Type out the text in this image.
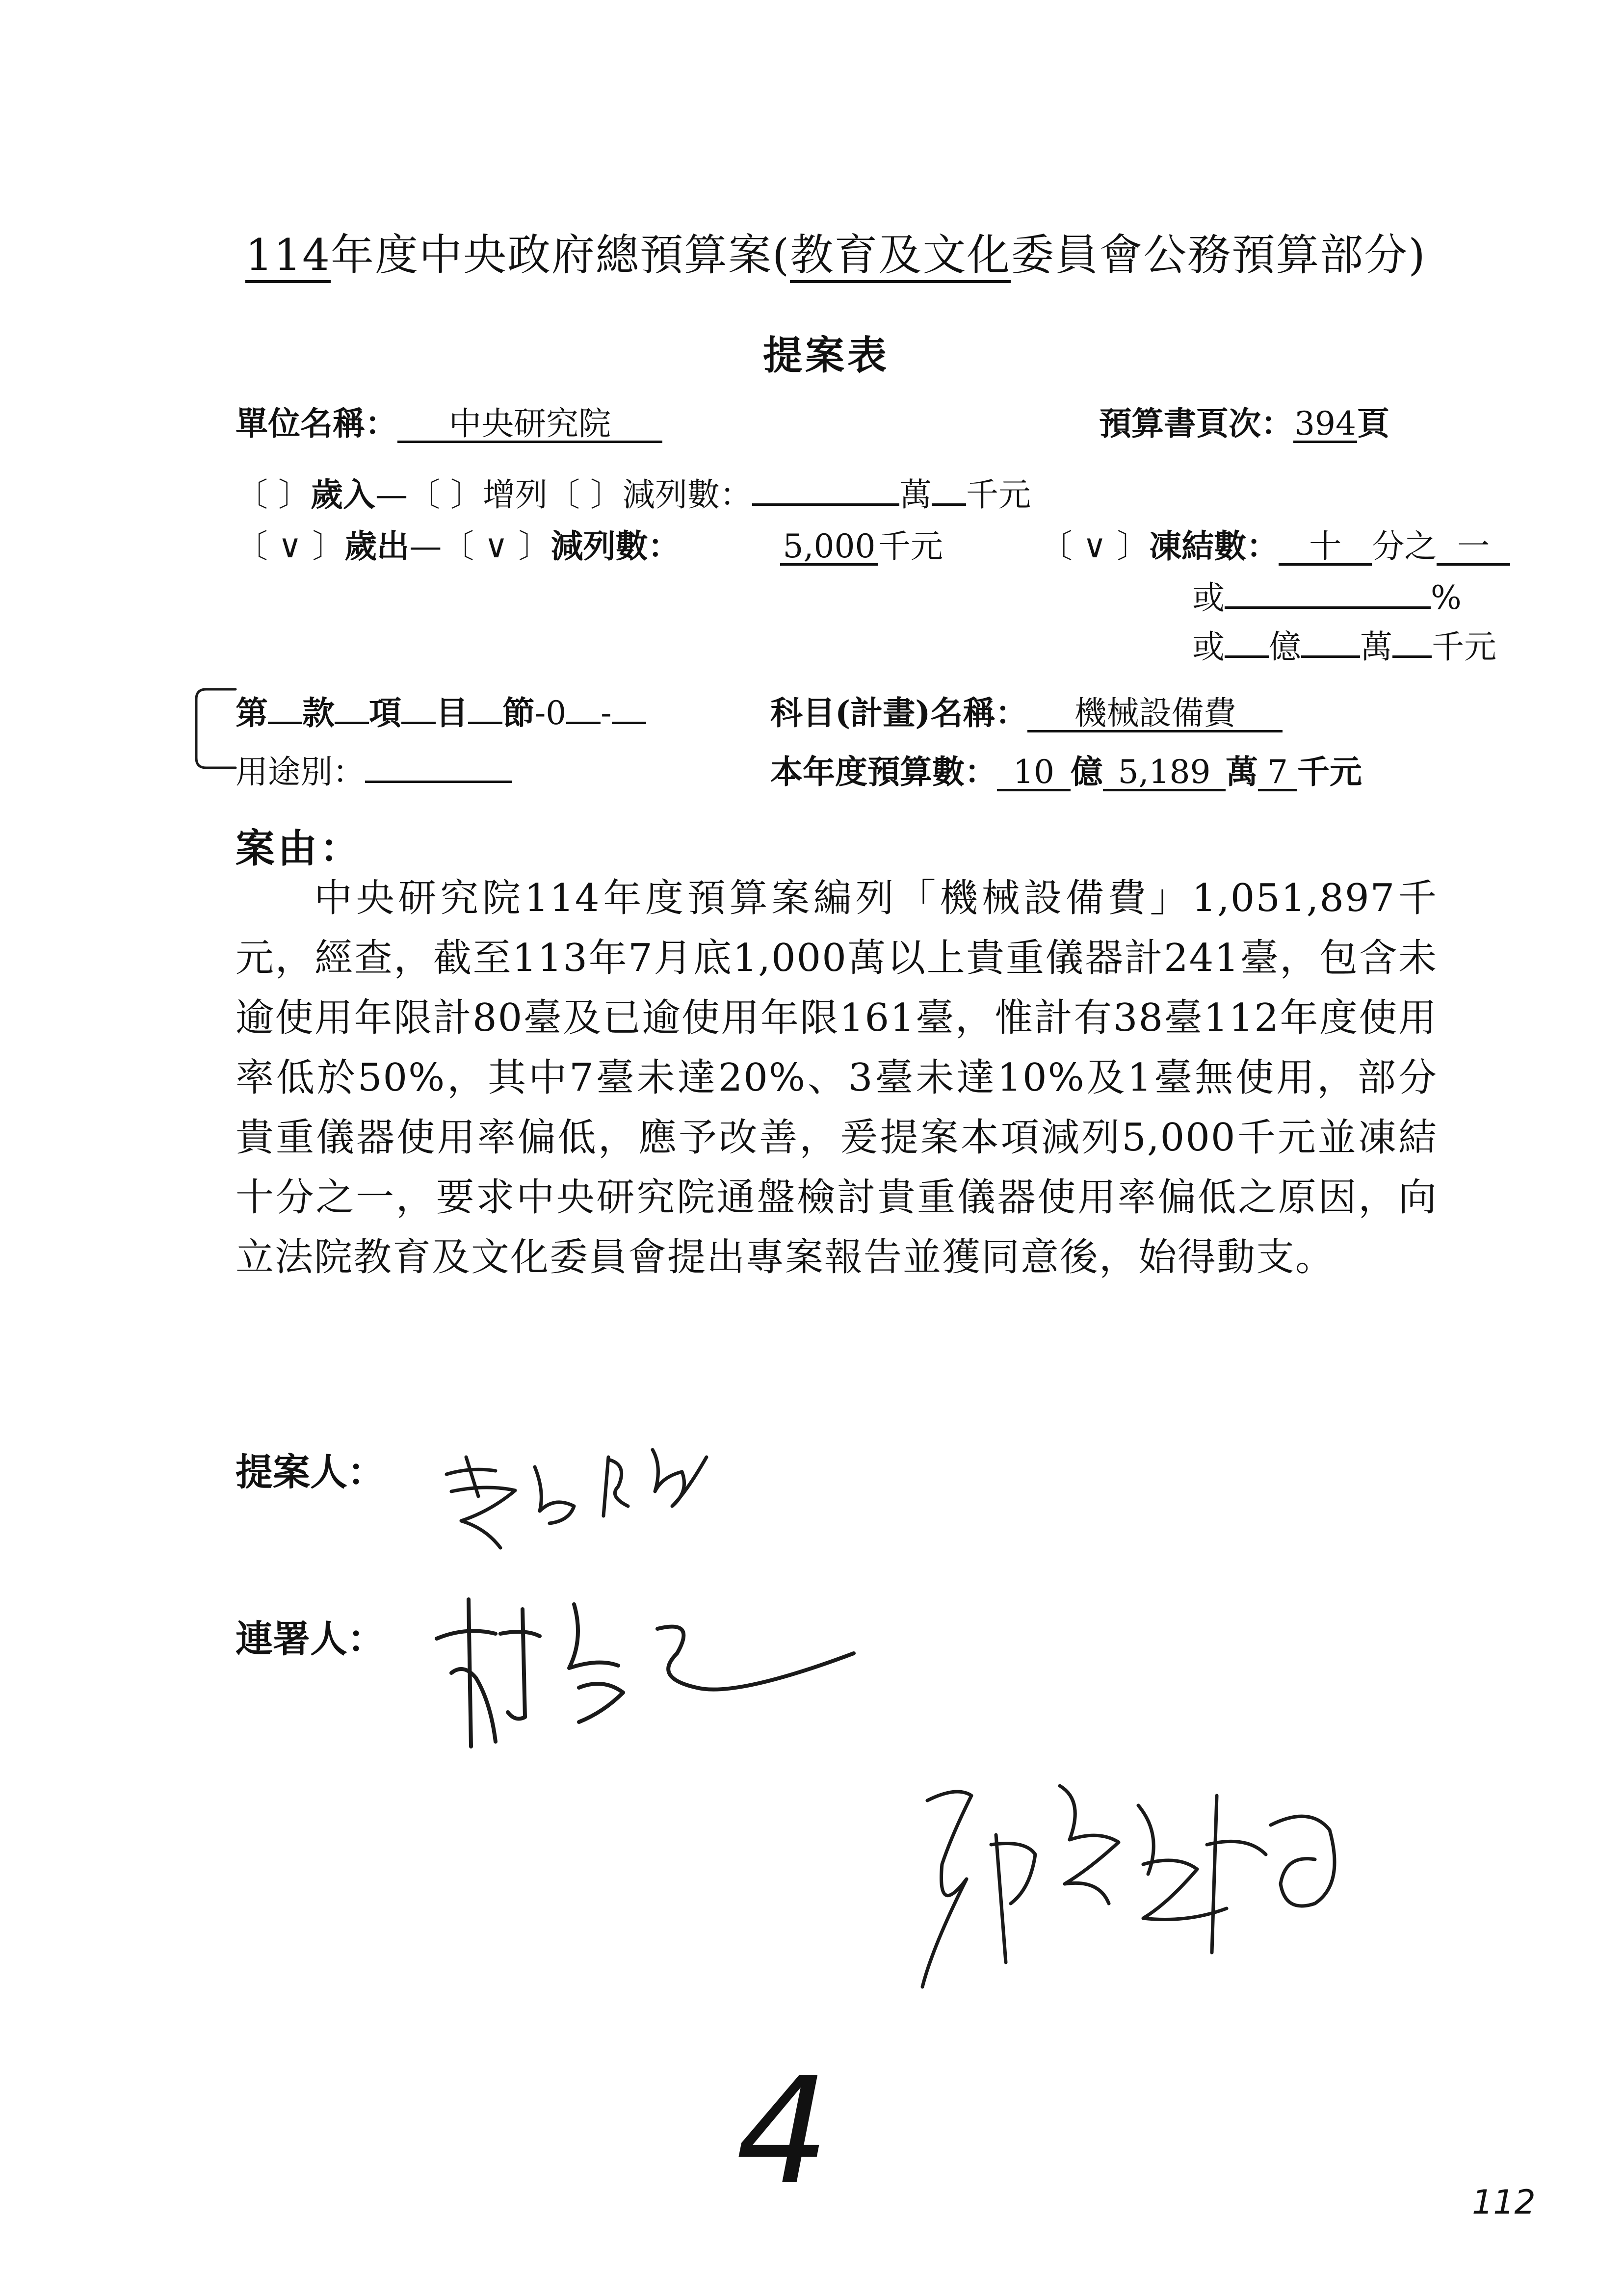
114年度中央政府總預算案(教育及文化委員會公務預算部分)
提案表
單位名稱： 中央研究院	預算書頁次：394頁
〔 〕歲入—〔 〕增列〔 〕減列數：	萬 千元
〔 ∨ 〕歲出—〔 ∨ 〕減列數：	5,000千元	〔 ∨ 〕凍結數： 十 分之 一
或	%
或 億 萬 千元
第 款 項 目 節-0 -	科目(計畫)名稱： 機械設備費
用途別：	本年度預算數： 10 億 5,189 萬 7 千元
案由：

中央研究院114年度預算案編列「機械設備費」1,051,897千元，經查，截至113年7月底1,000萬以上貴重儀器計241臺，包含未逾使用年限計80臺及已逾使用年限161臺，惟計有38臺112年度使用率低於50%，其中7臺未達20%、3臺未達10%及1臺無使用，部分貴重儀器使用率偏低，應予改善，爰提案本項減列5,000千元並凍結十分之一，要求中央研究院通盤檢討貴重儀器使用率偏低之原因，向立法院教育及文化委員會提出專案報告並獲同意後，始得動支。

提案人：
連署人：
4	112
